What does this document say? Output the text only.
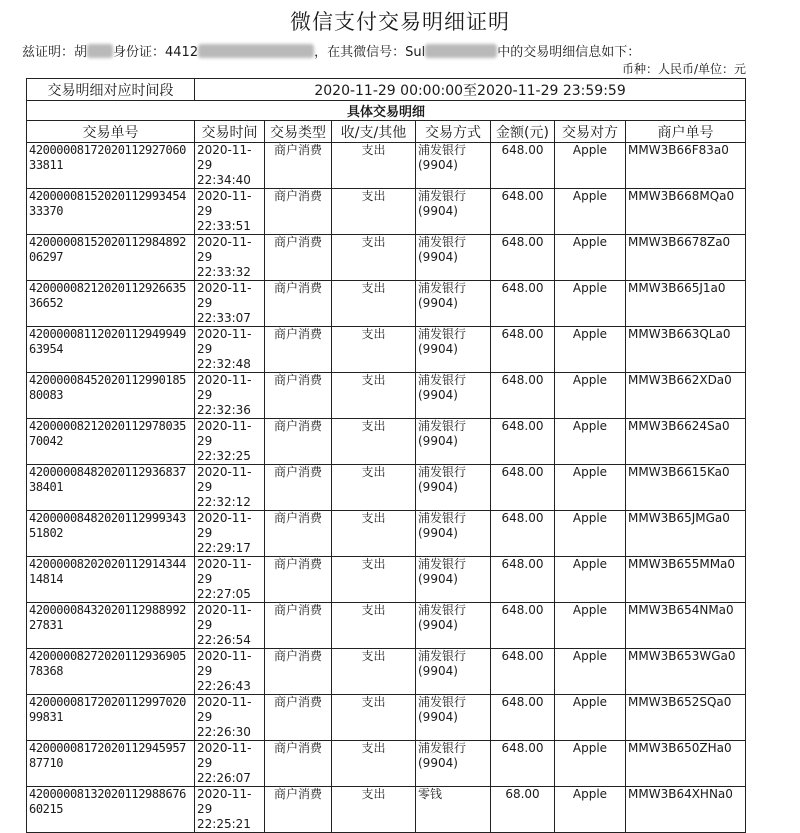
微信支付交易明细证明
兹证明：胡 身份证：4412	，在其微信号：Sul	中的交易明细信息如下：
币种：人民币/单位：元
交易明细对应时间段	2020-11-29 00:00:00至2020-11-29 23:59:59						
具体交易明细							
交易单号	交易时间	交易类型	收/支/其他	交易方式	金额(元)	交易对方	商户单号
4200000817202011292706033811	2020-11-29 22:34:40	商户消费	支出	浦发银行(9904)	648.00	Apple	MMW3B66F83a0
4200000815202011299345433370	2020-11-29 22:33:51	商户消费	支出	浦发银行(9904)	648.00	Apple	MMW3B668MQa0
4200000815202011298489206297	2020-11-29 22:33:32	商户消费	支出	浦发银行(9904)	648.00	Apple	MMW3B6678Za0
4200000821202011292663536652	2020-11-29 22:33:07	商户消费	支出	浦发银行(9904)	648.00	Apple	MMW3B665J1a0
4200000811202011294994963954	2020-11-29 22:32:48	商户消费	支出	浦发银行(9904)	648.00	Apple	MMW3B663QLa0
4200000845202011299018580083	2020-11-29 22:32:36	商户消费	支出	浦发银行(9904)	648.00	Apple	MMW3B662XDa0
4200000821202011297803570042	2020-11-29 22:32:25	商户消费	支出	浦发银行(9904)	648.00	Apple	MMW3B6624Sa0
4200000848202011293683738401	2020-11-29 22:32:12	商户消费	支出	浦发银行(9904)	648.00	Apple	MMW3B6615Ka0
4200000848202011299934351802	2020-11-29 22:29:17	商户消费	支出	浦发银行(9904)	648.00	Apple	MMW3B65JMGa0
4200000820202011291434414814	2020-11-29 22:27:05	商户消费	支出	浦发银行(9904)	648.00	Apple	MMW3B655MMa0
4200000843202011298899227831	2020-11-29 22:26:54	商户消费	支出	浦发银行(9904)	648.00	Apple	MMW3B654NMa0
4200000827202011293690578368	2020-11-29 22:26:43	商户消费	支出	浦发银行(9904)	648.00	Apple	MMW3B653WGa0
4200000817202011299702099831	2020-11-29 22:26:30	商户消费	支出	浦发银行(9904)	648.00	Apple	MMW3B652SQa0
4200000817202011294595787710	2020-11-29 22:26:07	商户消费	支出	浦发银行(9904)	648.00	Apple	MMW3B650ZHa0
4200000813202011298867660215	2020-11-29 22:25:21	商户消费	支出	零钱	68.00	Apple	MMW3B64XHNa0
